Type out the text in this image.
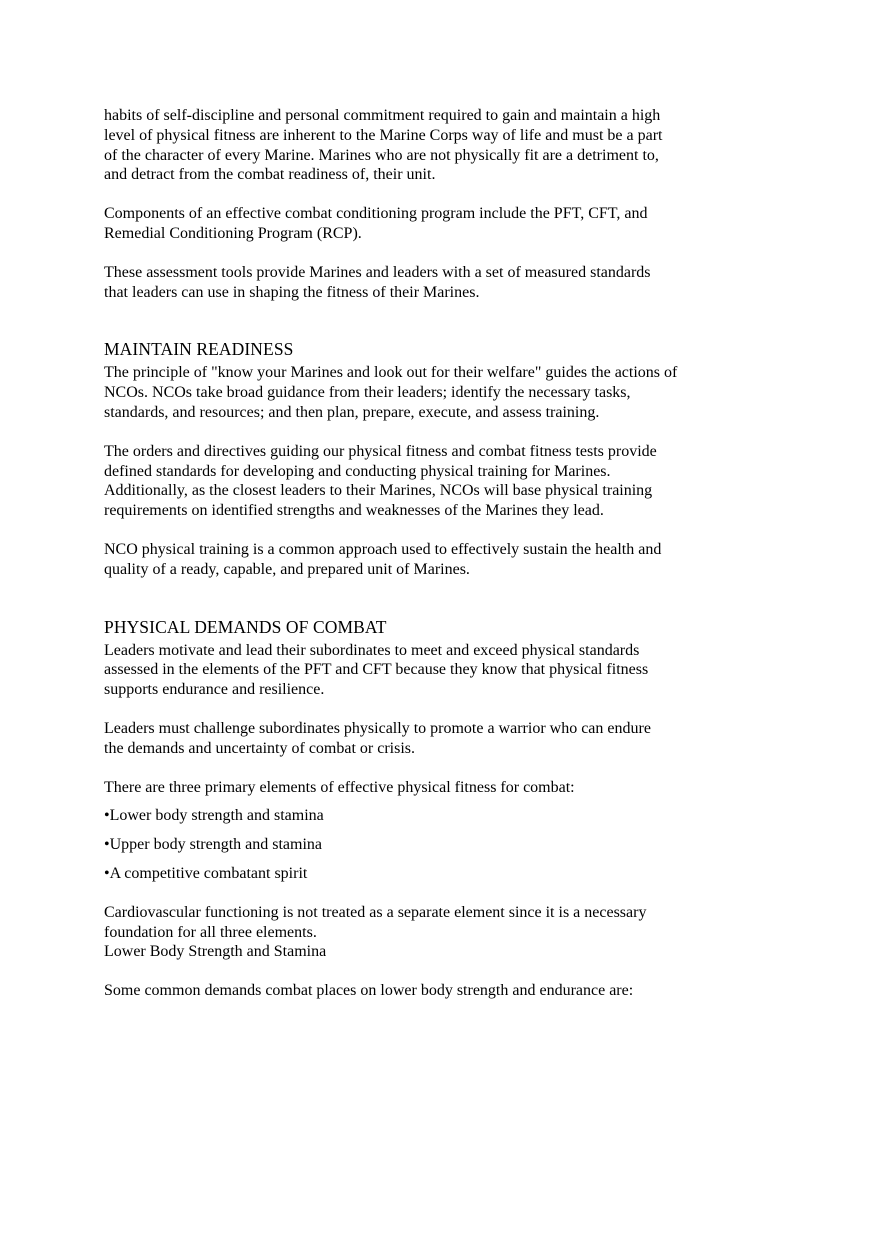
habits of self-discipline and personal commitment required to gain and maintain a high
level of physical fitness are inherent to the Marine Corps way of life and must be a part
of the character of every Marine. Marines who are not physically fit are a detriment to,
and detract from the combat readiness of, their unit.

Components of an effective combat conditioning program include the PFT, CFT, and
Remedial Conditioning Program (RCP).

These assessment tools provide Marines and leaders with a set of measured standards
that leaders can use in shaping the fitness of their Marines.

MAINTAIN READINESS

The principle of "know your Marines and look out for their welfare" guides the actions of
NCOs. NCOs take broad guidance from their leaders; identify the necessary tasks,
standards, and resources; and then plan, prepare, execute, and assess training.

The orders and directives guiding our physical fitness and combat fitness tests provide
defined standards for developing and conducting physical training for Marines.
Additionally, as the closest leaders to their Marines, NCOs will base physical training
requirements on identified strengths and weaknesses of the Marines they lead.

NCO physical training is a common approach used to effectively sustain the health and
quality of a ready, capable, and prepared unit of Marines.

PHYSICAL DEMANDS OF COMBAT

Leaders motivate and lead their subordinates to meet and exceed physical standards
assessed in the elements of the PFT and CFT because they know that physical fitness
supports endurance and resilience.

Leaders must challenge subordinates physically to promote a warrior who can endure
the demands and uncertainty of combat or crisis.

There are three primary elements of effective physical fitness for combat:

•Lower body strength and stamina

•Upper body strength and stamina

•A competitive combatant spirit

Cardiovascular functioning is not treated as a separate element since it is a necessary
foundation for all three elements.
Lower Body Strength and Stamina

Some common demands combat places on lower body strength and endurance are:
